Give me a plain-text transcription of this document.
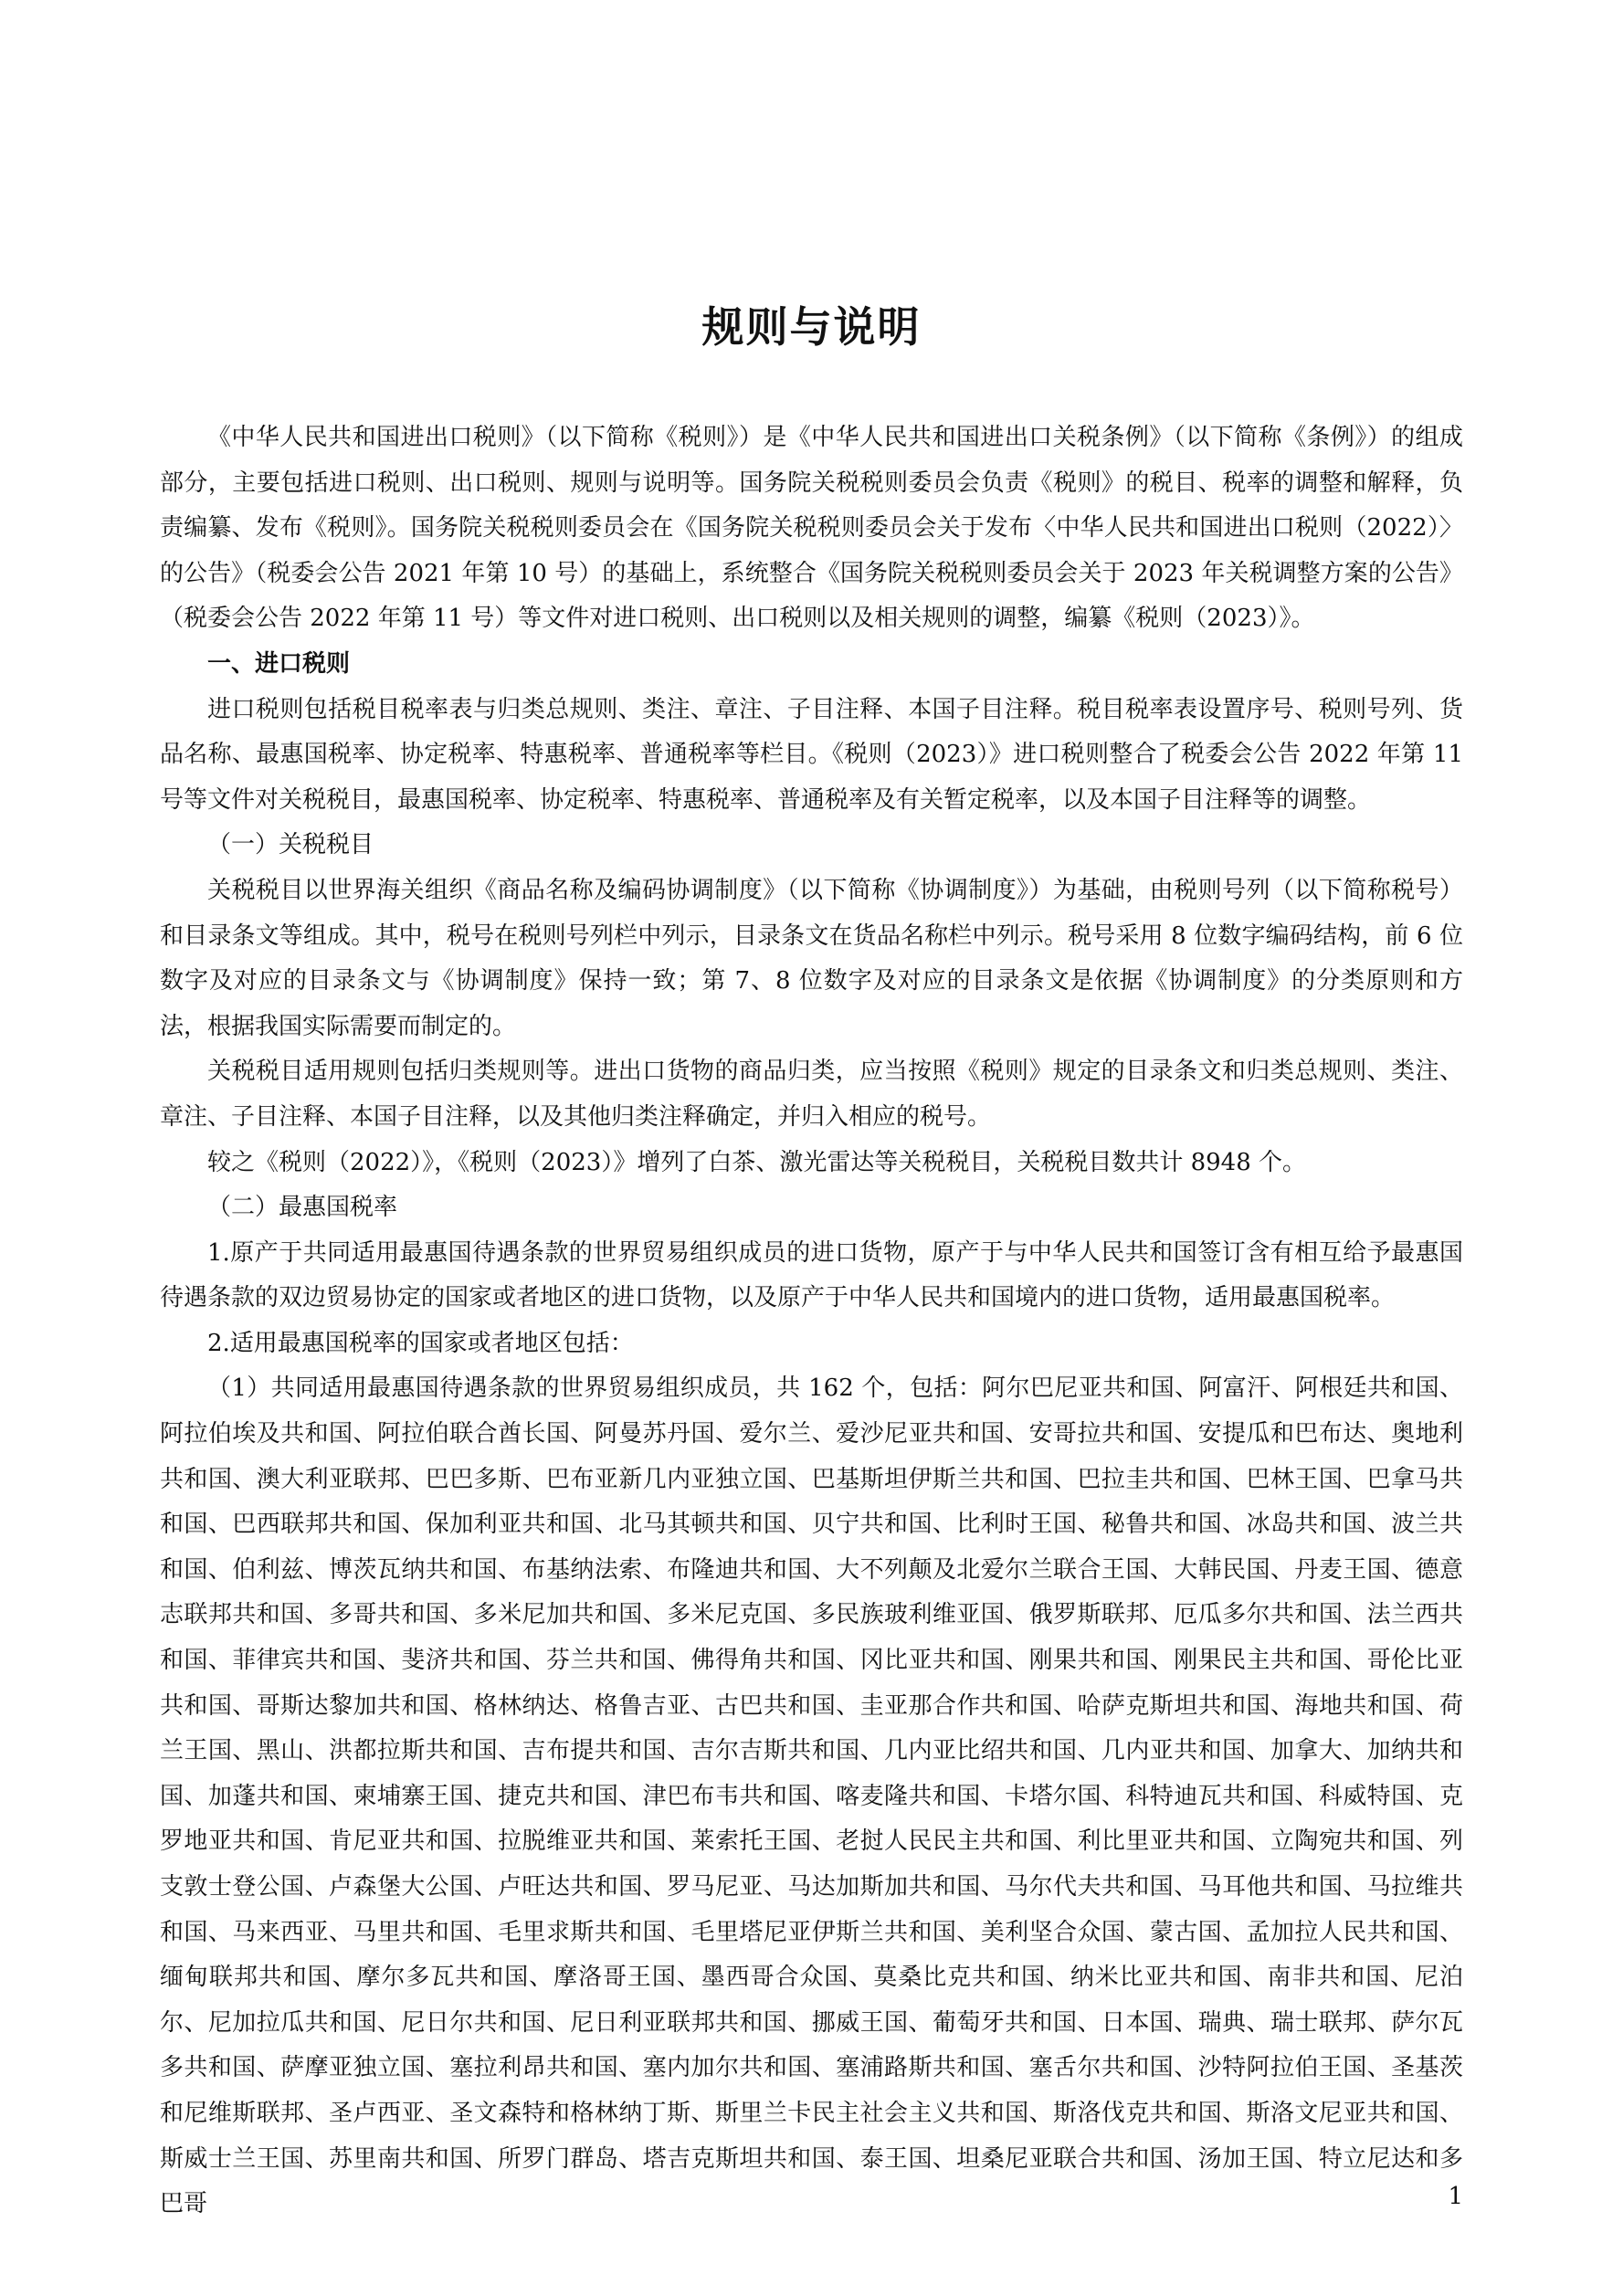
规则与说明

《中华人民共和国进出口税则》（以下简称《税则》）是《中华人民共和国进出口关税条例》（以下简称《条例》）的组成部分，主要包括进口税则、出口税则、规则与说明等。国务院关税税则委员会负责《税则》的税目、税率的调整和解释，负责编纂、发布《税则》。国务院关税税则委员会在《国务院关税税则委员会关于发布〈中华人民共和国进出口税则（2022）〉的公告》（税委会公告 2021 年第 10 号）的基础上，系统整合《国务院关税税则委员会关于 2023 年关税调整方案的公告》（税委会公告 2022 年第 11 号）等文件对进口税则、出口税则以及相关规则的调整，编纂《税则（2023）》。

一、进口税则

进口税则包括税目税率表与归类总规则、类注、章注、子目注释、本国子目注释。税目税率表设置序号、税则号列、货品名称、最惠国税率、协定税率、特惠税率、普通税率等栏目。《税则（2023）》进口税则整合了税委会公告 2022 年第 11 号等文件对关税税目，最惠国税率、协定税率、特惠税率、普通税率及有关暂定税率，以及本国子目注释等的调整。

（一）关税税目

关税税目以世界海关组织《商品名称及编码协调制度》（以下简称《协调制度》）为基础，由税则号列（以下简称税号）和目录条文等组成。其中，税号在税则号列栏中列示，目录条文在货品名称栏中列示。税号采用 8 位数字编码结构，前 6 位数字及对应的目录条文与《协调制度》保持一致；第 7、8 位数字及对应的目录条文是依据《协调制度》的分类原则和方法，根据我国实际需要而制定的。

关税税目适用规则包括归类规则等。进出口货物的商品归类，应当按照《税则》规定的目录条文和归类总规则、类注、章注、子目注释、本国子目注释，以及其他归类注释确定，并归入相应的税号。

较之《税则（2022）》，《税则（2023）》增列了白茶、激光雷达等关税税目，关税税目数共计 8948 个。

（二）最惠国税率

1.原产于共同适用最惠国待遇条款的世界贸易组织成员的进口货物，原产于与中华人民共和国签订含有相互给予最惠国待遇条款的双边贸易协定的国家或者地区的进口货物，以及原产于中华人民共和国境内的进口货物，适用最惠国税率。

2.适用最惠国税率的国家或者地区包括：

（1）共同适用最惠国待遇条款的世界贸易组织成员，共 162 个，包括：阿尔巴尼亚共和国、阿富汗、阿根廷共和国、阿拉伯埃及共和国、阿拉伯联合酋长国、阿曼苏丹国、爱尔兰、爱沙尼亚共和国、安哥拉共和国、安提瓜和巴布达、奥地利共和国、澳大利亚联邦、巴巴多斯、巴布亚新几内亚独立国、巴基斯坦伊斯兰共和国、巴拉圭共和国、巴林王国、巴拿马共和国、巴西联邦共和国、保加利亚共和国、北马其顿共和国、贝宁共和国、比利时王国、秘鲁共和国、冰岛共和国、波兰共和国、伯利兹、博茨瓦纳共和国、布基纳法索、布隆迪共和国、大不列颠及北爱尔兰联合王国、大韩民国、丹麦王国、德意志联邦共和国、多哥共和国、多米尼加共和国、多米尼克国、多民族玻利维亚国、俄罗斯联邦、厄瓜多尔共和国、法兰西共和国、菲律宾共和国、斐济共和国、芬兰共和国、佛得角共和国、冈比亚共和国、刚果共和国、刚果民主共和国、哥伦比亚共和国、哥斯达黎加共和国、格林纳达、格鲁吉亚、古巴共和国、圭亚那合作共和国、哈萨克斯坦共和国、海地共和国、荷兰王国、黑山、洪都拉斯共和国、吉布提共和国、吉尔吉斯共和国、几内亚比绍共和国、几内亚共和国、加拿大、加纳共和国、加蓬共和国、柬埔寨王国、捷克共和国、津巴布韦共和国、喀麦隆共和国、卡塔尔国、科特迪瓦共和国、科威特国、克罗地亚共和国、肯尼亚共和国、拉脱维亚共和国、莱索托王国、老挝人民民主共和国、利比里亚共和国、立陶宛共和国、列支敦士登公国、卢森堡大公国、卢旺达共和国、罗马尼亚、马达加斯加共和国、马尔代夫共和国、马耳他共和国、马拉维共和国、马来西亚、马里共和国、毛里求斯共和国、毛里塔尼亚伊斯兰共和国、美利坚合众国、蒙古国、孟加拉人民共和国、缅甸联邦共和国、摩尔多瓦共和国、摩洛哥王国、墨西哥合众国、莫桑比克共和国、纳米比亚共和国、南非共和国、尼泊尔、尼加拉瓜共和国、尼日尔共和国、尼日利亚联邦共和国、挪威王国、葡萄牙共和国、日本国、瑞典、瑞士联邦、萨尔瓦多共和国、萨摩亚独立国、塞拉利昂共和国、塞内加尔共和国、塞浦路斯共和国、塞舌尔共和国、沙特阿拉伯王国、圣基茨和尼维斯联邦、圣卢西亚、圣文森特和格林纳丁斯、斯里兰卡民主社会主义共和国、斯洛伐克共和国、斯洛文尼亚共和国、斯威士兰王国、苏里南共和国、所罗门群岛、塔吉克斯坦共和国、泰王国、坦桑尼亚联合共和国、汤加王国、特立尼达和多巴哥	1
